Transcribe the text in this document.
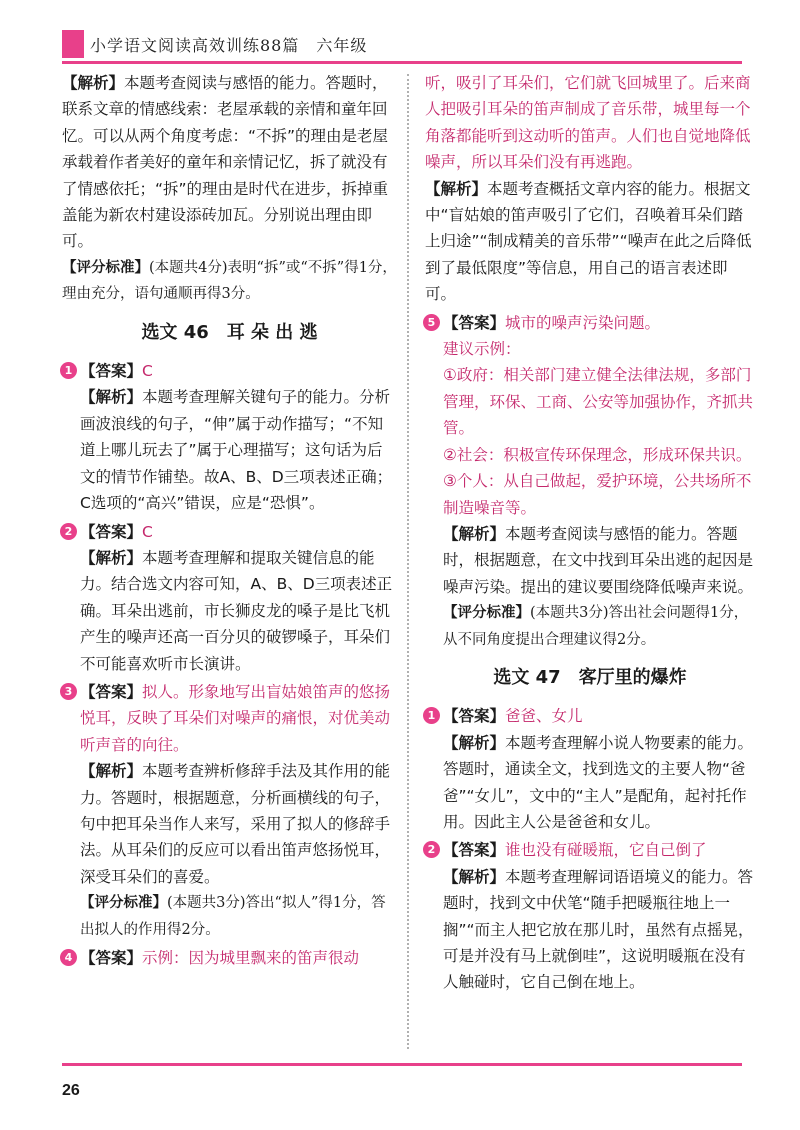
小学语文阅读高效训练88篇　六年级

【解析】本题考查阅读与感悟的能力。答题时，联系文章的情感线索：老屋承载的亲情和童年回忆。可以从两个角度考虑：“不拆”的理由是老屋承载着作者美好的童年和亲情记忆，拆了就没有了情感依托；“拆”的理由是时代在进步，拆掉重盖能为新农村建设添砖加瓦。分别说出理由即可。

【评分标准】(本题共4分)表明“拆”或“不拆”得1分，理由充分，语句通顺再得3分。

选文 46　耳 朵 出 逃
1 【答案】C

【解析】本题考查理解关键句子的能力。分析画波浪线的句子，“伸”属于动作描写；“不知道上哪儿玩去了”属于心理描写；这句话为后文的情节作铺垫。故A、B、D三项表述正确；C选项的“高兴”错误，应是“恐惧”。

2 【答案】C

【解析】本题考查理解和提取关键信息的能力。结合选文内容可知，A、B、D三项表述正确。耳朵出逃前，市长狮皮龙的嗓子是比飞机产生的噪声还高一百分贝的破锣嗓子，耳朵们不可能喜欢听市长演讲。

3 【答案】拟人。形象地写出盲姑娘笛声的悠扬悦耳，反映了耳朵们对噪声的痛恨，对优美动听声音的向往。

【解析】本题考查辨析修辞手法及其作用的能力。答题时，根据题意，分析画横线的句子，句中把耳朵当作人来写，采用了拟人的修辞手法。从耳朵们的反应可以看出笛声悠扬悦耳，深受耳朵们的喜爱。

【评分标准】(本题共3分)答出“拟人”得1分，答出拟人的作用得2分。

4 【答案】示例：因为城里飘来的笛声很动

听，吸引了耳朵们，它们就飞回城里了。后来商人把吸引耳朵的笛声制成了音乐带，城里每一个角落都能听到这动听的笛声。人们也自觉地降低噪声，所以耳朵们没有再逃跑。

【解析】本题考查概括文章内容的能力。根据文中“盲姑娘的笛声吸引了它们，召唤着耳朵们踏上归途”“制成精美的音乐带”“噪声在此之后降低到了最低限度”等信息，用自己的语言表述即可。

5 【答案】城市的噪声污染问题。

建议示例：

①政府：相关部门建立健全法律法规，多部门管理，环保、工商、公安等加强协作，齐抓共管。

②社会：积极宣传环保理念，形成环保共识。

③个人：从自己做起，爱护环境，公共场所不制造噪音等。

【解析】本题考查阅读与感悟的能力。答题时，根据题意，在文中找到耳朵出逃的起因是噪声污染。提出的建议要围绕降低噪声来说。

【评分标准】(本题共3分)答出社会问题得1分，从不同角度提出合理建议得2分。

选文 47　客厅里的爆炸
1 【答案】爸爸、女儿

【解析】本题考查理解小说人物要素的能力。答题时，通读全文，找到选文的主要人物“爸爸”“女儿”，文中的“主人”是配角，起衬托作用。因此主人公是爸爸和女儿。

2 【答案】谁也没有碰暖瓶，它自己倒了

【解析】本题考查理解词语语境义的能力。答题时，找到文中伏笔“随手把暖瓶往地上一搁”“而主人把它放在那儿时，虽然有点摇晃，可是并没有马上就倒哇”，这说明暖瓶在没有人触碰时，它自己倒在地上。

26
